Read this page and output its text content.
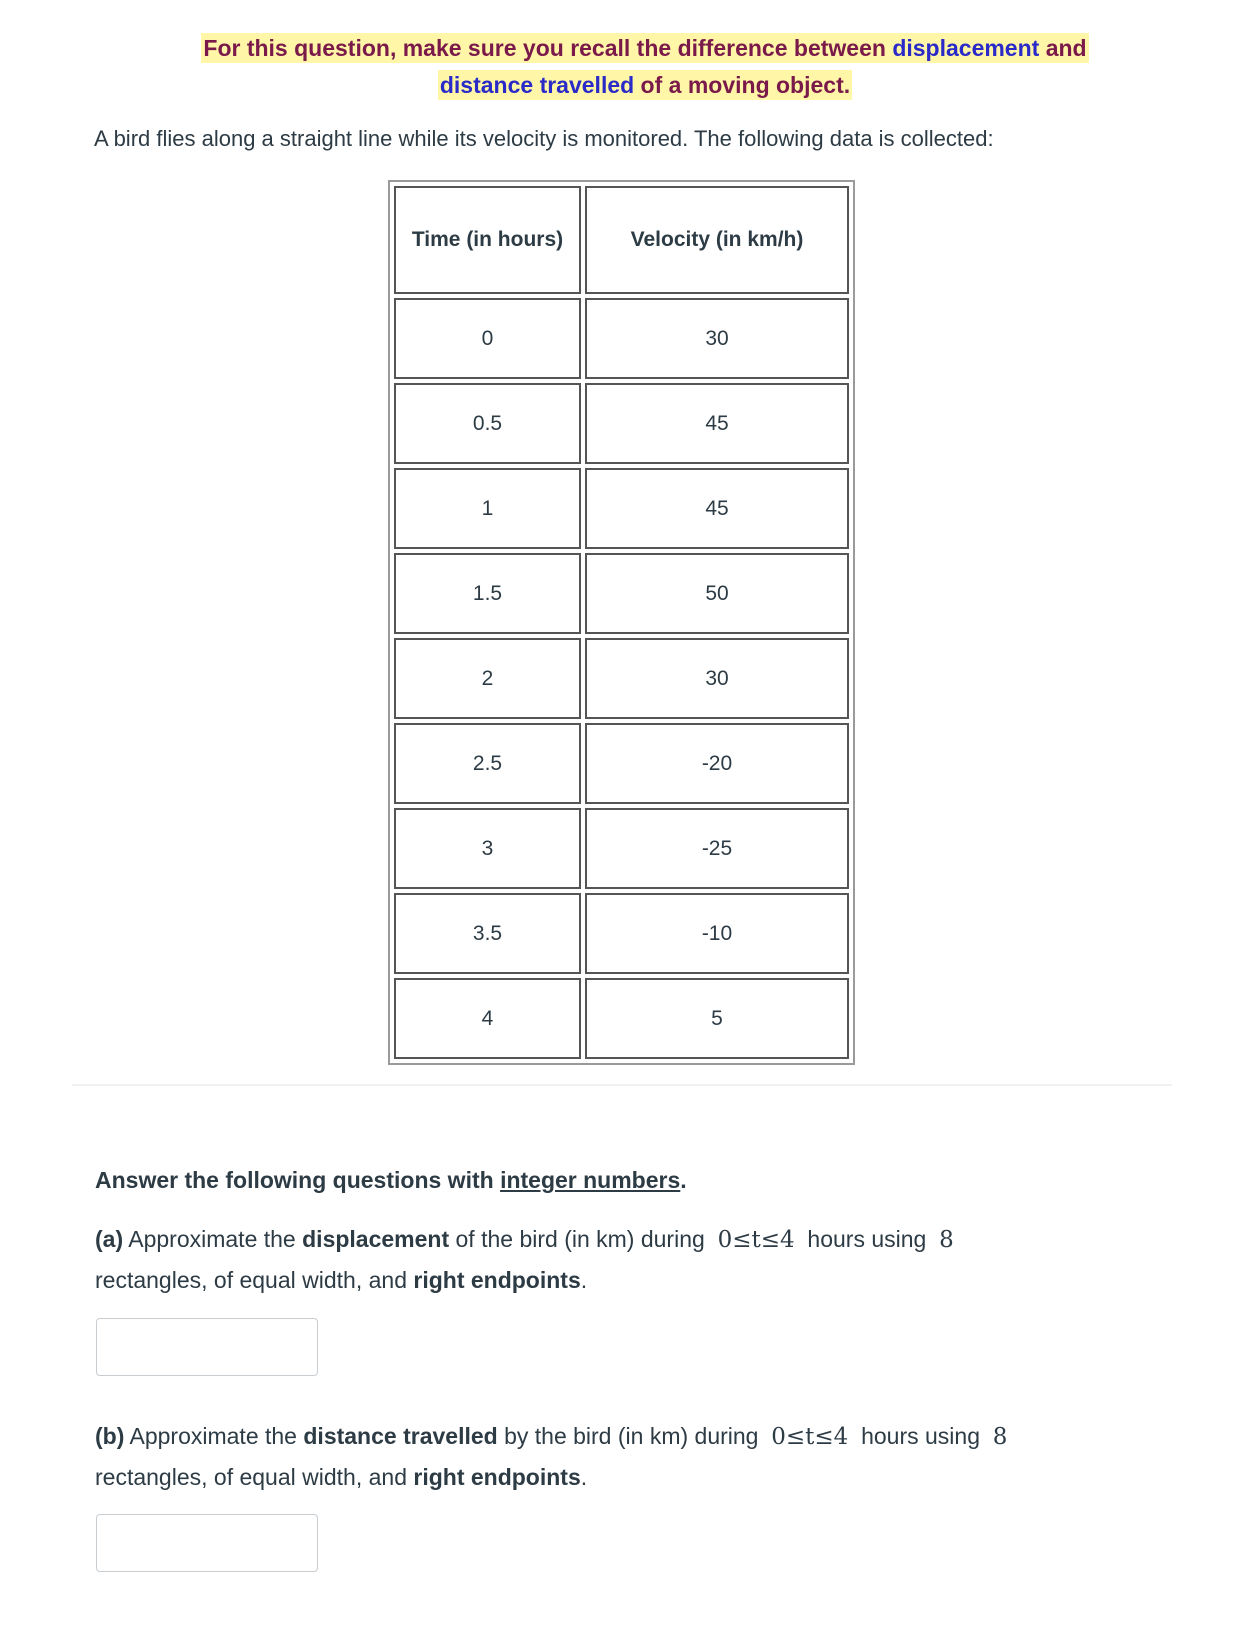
For this question, make sure you recall the difference between displacement and
distance travelled of a moving object.
A bird flies along a straight line while its velocity is monitored. The following data is collected:
Time (in hours)	Velocity (in km/h)
0	30
0.5	45
1	45
1.5	50
2	30
2.5	-20
3	-25
3.5	-10
4	5
Answer the following questions with integer numbers.
(a) Approximate the displacement of the bird (in km) during  0≤t≤4  hours using  8
rectangles, of equal width, and right endpoints.
(b) Approximate the distance travelled by the bird (in km) during  0≤t≤4  hours using  8
rectangles, of equal width, and right endpoints.
